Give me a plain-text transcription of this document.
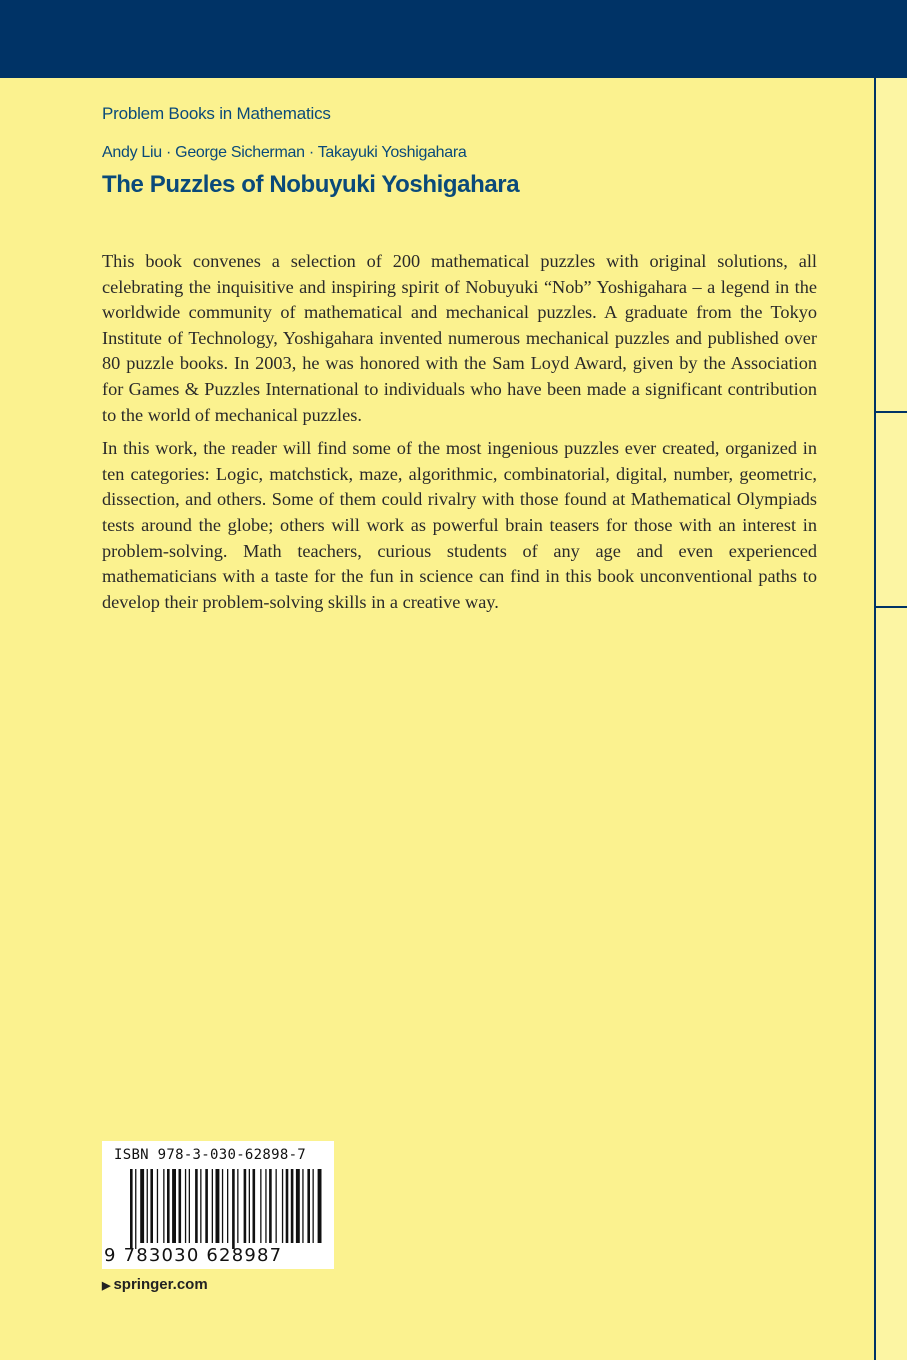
Problem Books in Mathematics
Andy Liu · George Sicherman · Takayuki Yoshigahara
The Puzzles of Nobuyuki Yoshigahara

This book convenes a selection of 200 mathematical puzzles with original solutions, all celebrating the inquisitive and inspiring spirit of Nobuyuki “Nob” Yoshigahara – a legend in the worldwide community of mathematical and mechanical puzzles. A graduate from the Tokyo Institute of Technology, Yoshigahara invented numerous mechanical puzzles and published over 80 puzzle books. In 2003, he was honored with the Sam Loyd Award, given by the Association for Games & Puzzles International to individuals who have been made a significant contribution to the world of mechanical puzzles.

In this work, the reader will find some of the most ingenious puzzles ever created, organized in ten categories: Logic, matchstick, maze, algorithmic, combinatorial, digital, number, geometric, dissection, and others. Some of them could rivalry with those found at Mathematical Olympiads tests around the globe; others will work as powerful brain teasers for those with an interest in problem-solving. Math teachers, curious students of any age and even experienced mathematicians with a taste for the fun in science can find in this book unconventional paths to develop their problem-solving skills in a creative way.

ISBN 978-3-030-62898-7
9 783030 628987
▶ springer.com
